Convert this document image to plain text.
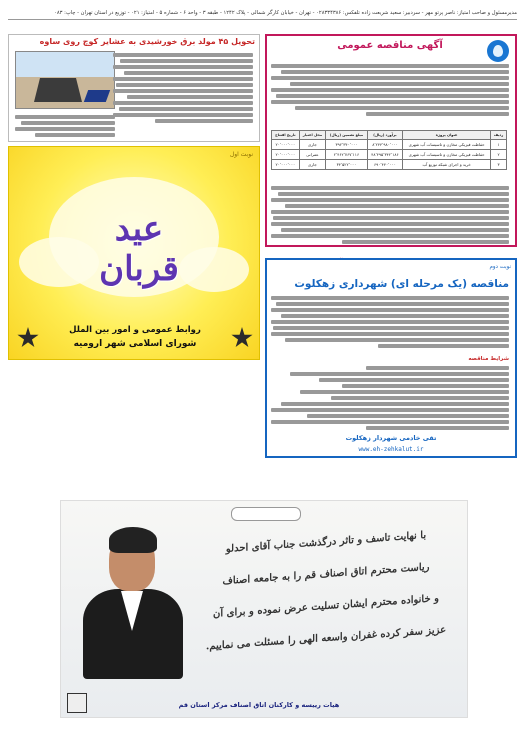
مدیرمسئول و صاحب امتیاز: ناصر پرتو مهر - سردبیر: سعید شریعت زاده تلفکس: ۰۲۸۳۳۴۳۸۶ - تهران - خیابان کارگر شمالی - پلاک ۱۲۴۲ - طبقه ۳ - واحد ۶ - شماره ۵ - امتیاز: ۰۲۱ - توزیع در استان تهران - چاپ: ۰۸۳
آگهی مناقصه عمومی
ردیف	عنوان پروژه	برآورد (ریال)	مبلغ تضمین (ریال)	محل اعتبار	تاریخ افتتاح
۱	حفاظت فیزیکی مخازن و تاسیسات آب شهری	۸٬۲۴۴٬۹۸۰٬۰۰۰	۳۹۲٬۳۴۰٬۰۰۰	جاری	۲۰٬۰۰۰٬۰۰۰
۲	حفاظت فیزیکی مخازن و تاسیسات آب شهری	۴۸٬۴۹۵٬۳۴۲٬۱۸۶	۲٬۴۶۲٬۷۶۷٬۱۱۶	عمرانی	۲۰٬۰۰۰٬۰۰۰
۳	خرید و اجرای شبکه توزیع آب	۶۹۰٬۴۴۰٬۰۰۰	۳۴٬۵۲۲٬۰۰۰	جاری	۲۰٬۰۰۰٬۰۰۰
تحویل ۴۵ مولد برق خورشیدی به عشایر کوچ روی ساوه
نوبت اول
عید قربان
روابط عمومی و امور بین الملل
شورای اسلامی شهر ارومیه
نوبت دوم
مناقصه (یک مرحله ای) شهرداری زهکلوت
شرایط مناقصه
تقی خادمی شهردار زهکلوت
www.eh-zehkalut.ir
با نهایت تاسف و تاثر درگذشت جناب آقای احدلو
ریاست محترم اتاق اصناف قم را به جامعه اصناف
و خانواده محترم ایشان تسلیت عرض نموده و برای آن
عزیز سفر کرده غفران واسعه الهی را مسئلت می نماییم.
هیات رییسه و کارکنان اتاق اصناف مرکز استان قم
